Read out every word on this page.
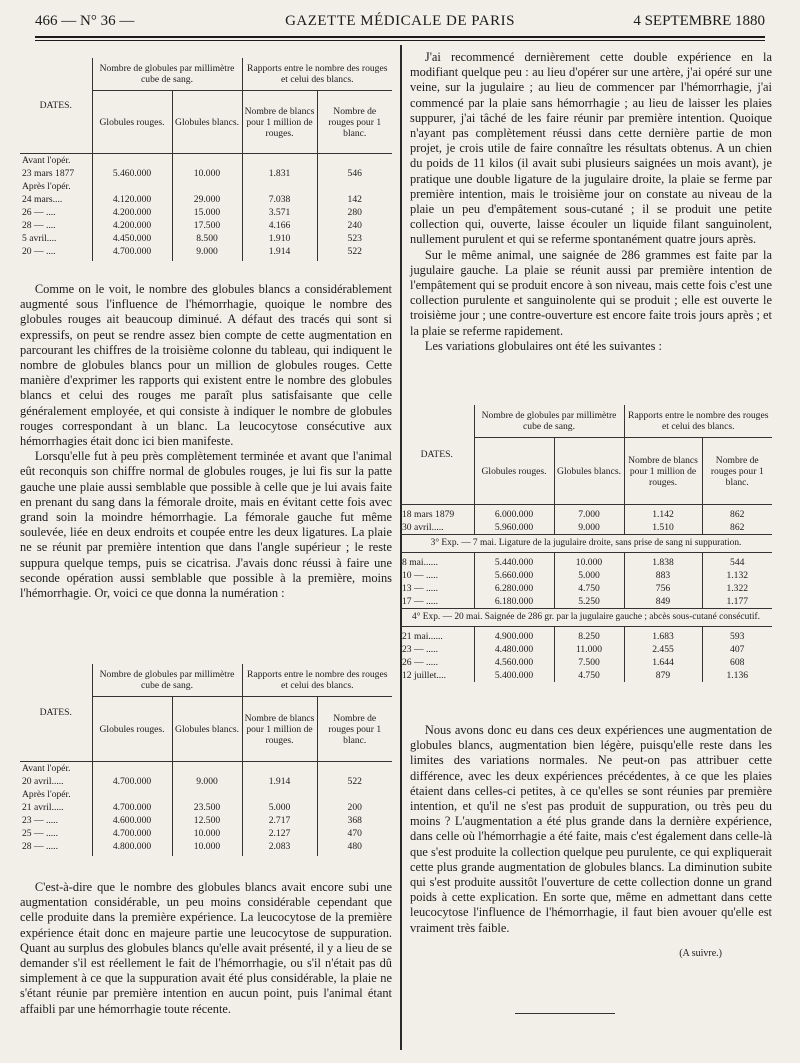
466 — N° 36 —	GAZETTE MÉDICALE DE PARIS	4 SEPTEMBRE 1880
DATES.	Nombre de globules par millimètre cube de sang.		Rapports entre le nombre des rouges et celui des blancs.	
	Globules rouges.	Globules blancs.	Nombre de blancs pour 1 million de rouges.	Nombre de rouges pour 1 blanc.
Avant l'opér.				
23 mars 1877	5.460.000	10.000	1.831	546
Après l'opér.				
24 mars....	4.120.000	29.000	7.038	142
26 — ....	4.200.000	15.000	3.571	280
28 — ....	4.200.000	17.500	4.166	240
5 avril....	4.450.000	8.500	1.910	523
20 — ....	4.700.000	9.000	1.914	522

Comme on le voit, le nombre des globules blancs a considérablement augmenté sous l'influence de l'hémorrhagie, quoique le nombre des globules rouges ait beaucoup diminué. A défaut des tracés qui sont si expressifs, on peut se rendre assez bien compte de cette augmentation en parcourant les chiffres de la troisième colonne du tableau, qui indiquent le nombre de globules blancs pour un million de globules rouges. Cette manière d'exprimer les rapports qui existent entre le nombre des globules blancs et celui des rouges me paraît plus satisfaisante que celle généralement employée, et qui consiste à indiquer le nombre de globules rouges correspondant à un blanc. La leucocytose consécutive aux hémorrhagies était donc ici bien manifeste.

Lorsqu'elle fut à peu près complètement terminée et avant que l'animal eût reconquis son chiffre normal de globules rouges, je lui fis sur la patte gauche une plaie aussi semblable que possible à celle que je lui avais faite en prenant du sang dans la fémorale droite, mais en évitant cette fois avec grand soin la moindre hémorrhagie. La fémorale gauche fut même soulevée, liée en deux endroits et coupée entre les deux ligatures. La plaie ne se réunit par première intention que dans l'angle supérieur ; le reste suppura quelque temps, puis se cicatrisa. J'avais donc réussi à faire une seconde opération aussi semblable que possible à la première, moins l'hémorrhagie. Or, voici ce que donna la numération :

DATES.	Nombre de globules par millimètre cube de sang.		Rapports entre le nombre des rouges et celui des blancs.	
	Globules rouges.	Globules blancs.	Nombre de blancs pour 1 million de rouges.	Nombre de rouges pour 1 blanc.
Avant l'opér.				
20 avril.....	4.700.000	9.000	1.914	522
Après l'opér.				
21 avril.....	4.700.000	23.500	5.000	200
23 — .....	4.600.000	12.500	2.717	368
25 — .....	4.700.000	10.000	2.127	470
28 — .....	4.800.000	10.000	2.083	480

C'est-à-dire que le nombre des globules blancs avait encore subi une augmentation considérable, un peu moins considérable cependant que celle produite dans la première expérience. La leucocytose de la première expérience était donc en majeure partie une leucocytose de suppuration. Quant au surplus des globules blancs qu'elle avait présenté, il y a lieu de se demander s'il est réellement le fait de l'hémorrhagie, ou s'il n'était pas dû simplement à ce que la suppuration avait été plus considérable, la plaie ne s'étant réunie par première intention en aucun point, puis l'animal étant affaibli par une hémorrhagie toute récente.

J'ai recommencé dernièrement cette double expérience en la modifiant quelque peu : au lieu d'opérer sur une artère, j'ai opéré sur une veine, sur la jugulaire ; au lieu de commencer par l'hémorrhagie, j'ai commencé par la plaie sans hémorrhagie ; au lieu de laisser les plaies suppurer, j'ai tâché de les faire réunir par première intention. Quoique n'ayant pas complètement réussi dans cette dernière partie de mon projet, je crois utile de faire connaître les résultats obtenus. A un chien du poids de 11 kilos (il avait subi plusieurs saignées un mois avant), je pratique une double ligature de la jugulaire droite, la plaie se ferme par première intention, mais le troisième jour on constate au niveau de la plaie un peu d'empâtement sous-cutané ; il se produit une petite collection qui, ouverte, laisse écouler un liquide filant sanguinolent, nullement purulent et qui se referme spontanément quatre jours après.

Sur le même animal, une saignée de 286 grammes est faite par la jugulaire gauche. La plaie se réunit aussi par première intention de l'empâtement qui se produit encore à son niveau, mais cette fois c'est une collection purulente et sanguinolente qui se produit ; elle est ouverte le troisième jour ; une contre-ouverture est encore faite trois jours après ; et la plaie se referme rapidement.

Les variations globulaires ont été les suivantes :

DATES.	Nombre de globules par millimètre cube de sang.		Rapports entre le nombre des rouges et celui des blancs.	
	Globules rouges.	Globules blancs.	Nombre de blancs pour 1 million de rouges.	Nombre de rouges pour 1 blanc.
18 mars 1879	6.000.000	7.000	1.142	862
30 avril.....	5.960.000	9.000	1.510	862
3° Exp. — 7 mai. Ligature de la jugulaire droite, sans prise de sang ni suppuration.				
8 mai......	5.440.000	10.000	1.838	544
10 — .....	5.660.000	5.000	883	1.132
13 — .....	6.280.000	4.750	756	1.322
17 — .....	6.180.000	5.250	849	1.177
4° Exp. — 20 mai. Saignée de 286 gr. par la jugulaire gauche ; abcès sous-cutané consécutif.				
21 mai......	4.900.000	8.250	1.683	593
23 — .....	4.480.000	11.000	2.455	407
26 — .....	4.560.000	7.500	1.644	608
12 juillet....	5.400.000	4.750	879	1.136

Nous avons donc eu dans ces deux expériences une augmentation de globules blancs, augmentation bien légère, puisqu'elle reste dans les limites des variations normales. Ne peut-on pas attribuer cette différence, avec les deux expériences précédentes, à ce que les plaies étaient dans celles-ci petites, à ce qu'elles se sont réunies par première intention, et qu'il ne s'est pas produit de suppuration, ou très peu du moins ? L'augmentation a été plus grande dans la dernière expérience, dans celle où l'hémorrhagie a été faite, mais c'est également dans celle-là que s'est produite la collection quelque peu purulente, ce qui expliquerait cette plus grande augmentation de globules blancs. La diminution subite qui s'est produite aussitôt l'ouverture de cette collection donne un grand poids à cette explication. En sorte que, même en admettant dans cette leucocytose l'influence de l'hémorrhagie, il faut bien avouer qu'elle est vraiment très faible.

(A suivre.)
